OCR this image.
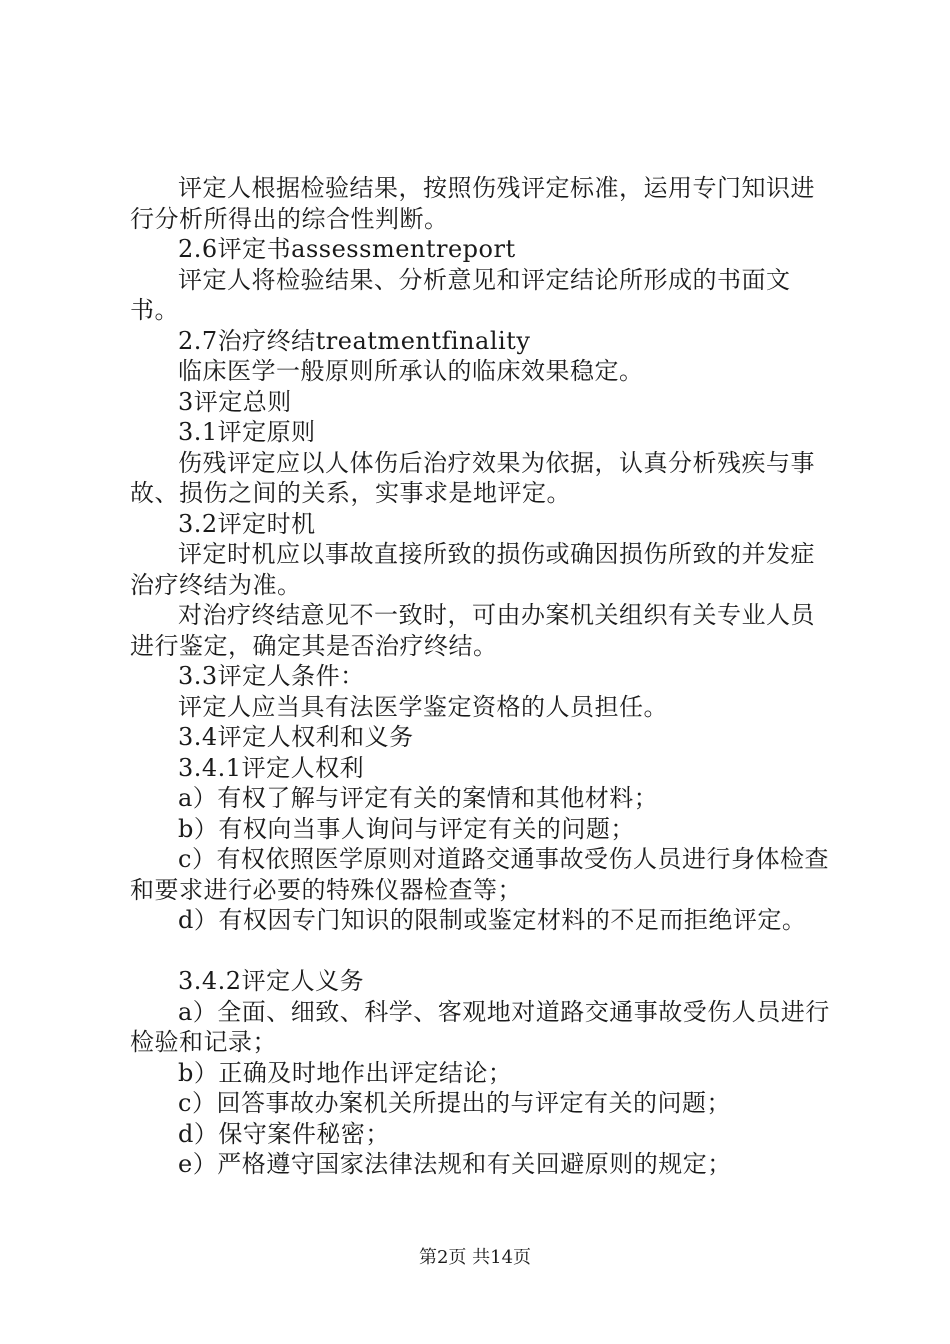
评定人根据检验结果，按照伤残评定标准，运用专门知识进行分析所得出的综合性判断。

2.6评定书assessmentreport

评定人将检验结果、分析意见和评定结论所形成的书面文书。

2.7治疗终结treatmentfinality

临床医学一般原则所承认的临床效果稳定。

3评定总则

3.1评定原则

伤残评定应以人体伤后治疗效果为依据，认真分析残疾与事故、损伤之间的关系，实事求是地评定。

3.2评定时机

评定时机应以事故直接所致的损伤或确因损伤所致的并发症治疗终结为准。

对治疗终结意见不一致时，可由办案机关组织有关专业人员进行鉴定，确定其是否治疗终结。

3.3评定人条件：

评定人应当具有法医学鉴定资格的人员担任。

3.4评定人权利和义务

3.4.1评定人权利

a）有权了解与评定有关的案情和其他材料；

b）有权向当事人询问与评定有关的问题；

c）有权依照医学原则对道路交通事故受伤人员进行身体检查和要求进行必要的特殊仪器检查等；

d）有权因专门知识的限制或鉴定材料的不足而拒绝评定。

3.4.2评定人义务

a）全面、细致、科学、客观地对道路交通事故受伤人员进行检验和记录；

b）正确及时地作出评定结论；

c）回答事故办案机关所提出的与评定有关的问题；

d）保守案件秘密；

e）严格遵守国家法律法规和有关回避原则的规定；

第2页 共14页
